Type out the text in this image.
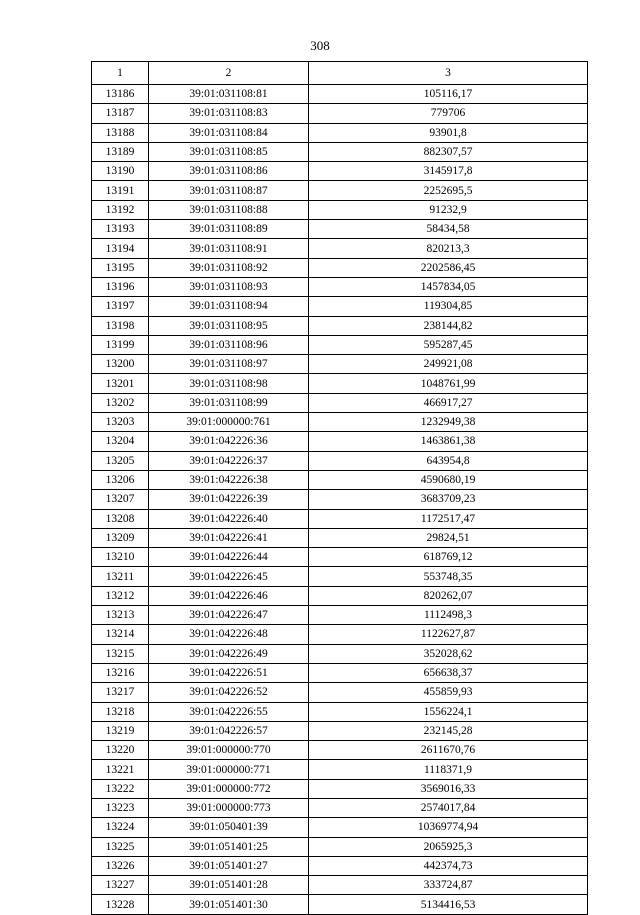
308
1	2	3
13186	39:01:031108:81	105116,17
13187	39:01:031108:83	779706
13188	39:01:031108:84	93901,8
13189	39:01:031108:85	882307,57
13190	39:01:031108:86	3145917,8
13191	39:01:031108:87	2252695,5
13192	39:01:031108:88	91232,9
13193	39:01:031108:89	58434,58
13194	39:01:031108:91	820213,3
13195	39:01:031108:92	2202586,45
13196	39:01:031108:93	1457834,05
13197	39:01:031108:94	119304,85
13198	39:01:031108:95	238144,82
13199	39:01:031108:96	595287,45
13200	39:01:031108:97	249921,08
13201	39:01:031108:98	1048761,99
13202	39:01:031108:99	466917,27
13203	39:01:000000:761	1232949,38
13204	39:01:042226:36	1463861,38
13205	39:01:042226:37	643954,8
13206	39:01:042226:38	4590680,19
13207	39:01:042226:39	3683709,23
13208	39:01:042226:40	1172517,47
13209	39:01:042226:41	29824,51
13210	39:01:042226:44	618769,12
13211	39:01:042226:45	553748,35
13212	39:01:042226:46	820262,07
13213	39:01:042226:47	1112498,3
13214	39:01:042226:48	1122627,87
13215	39:01:042226:49	352028,62
13216	39:01:042226:51	656638,37
13217	39:01:042226:52	455859,93
13218	39:01:042226:55	1556224,1
13219	39:01:042226:57	232145,28
13220	39:01:000000:770	2611670,76
13221	39:01:000000:771	1118371,9
13222	39:01:000000:772	3569016,33
13223	39:01:000000:773	2574017,84
13224	39:01:050401:39	10369774,94
13225	39:01:051401:25	2065925,3
13226	39:01:051401:27	442374,73
13227	39:01:051401:28	333724,87
13228	39:01:051401:30	5134416,53
